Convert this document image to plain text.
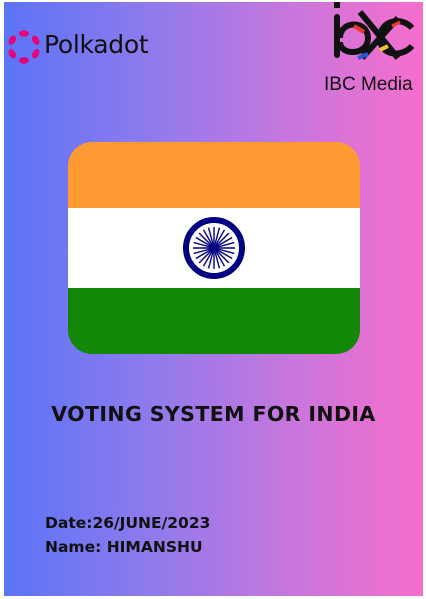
Polkadot
IBC Media
VOTING SYSTEM FOR INDIA
Date:26/JUNE/2023
Name: HIMANSHU
